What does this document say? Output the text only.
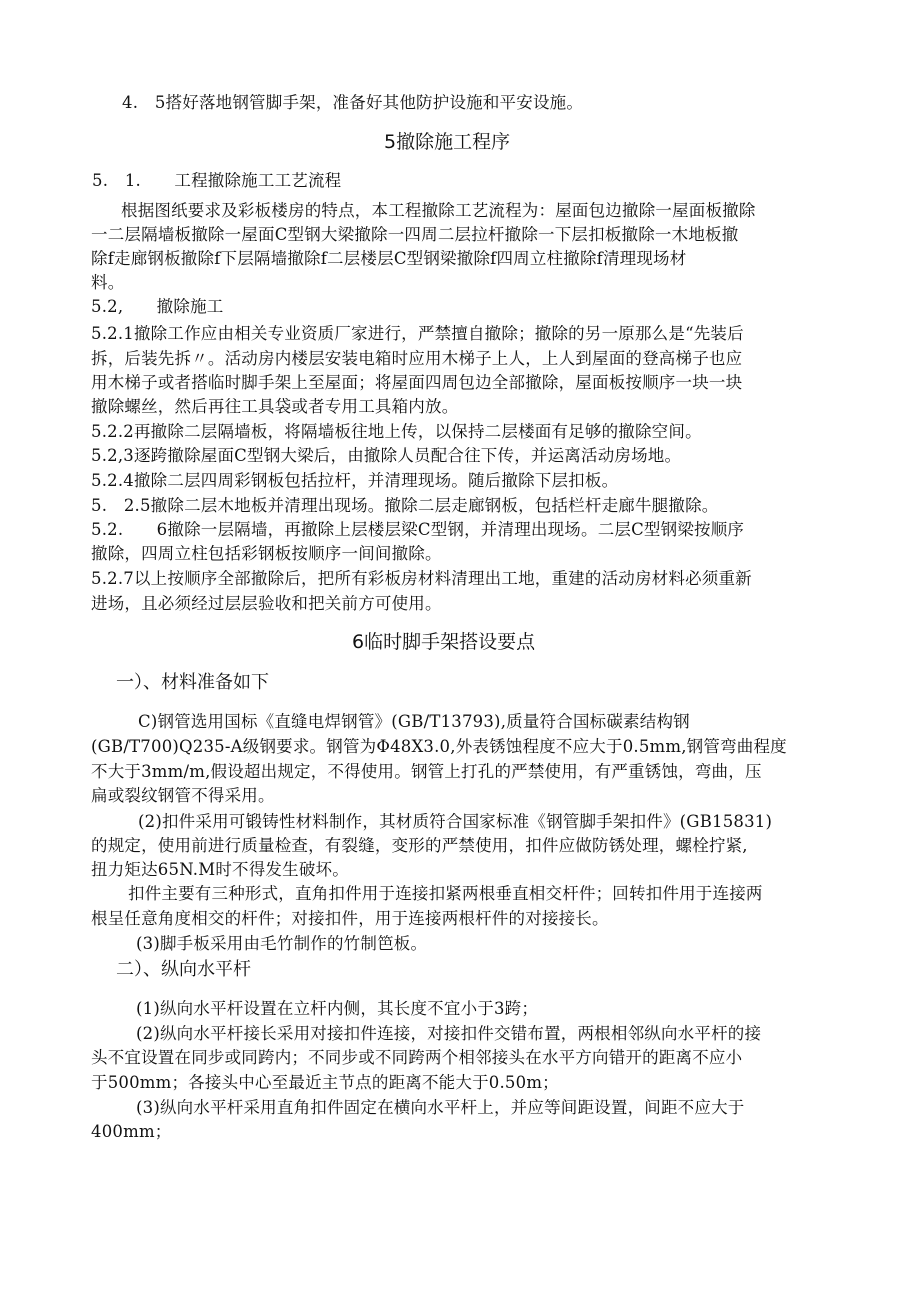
4.　5搭好落地钢管脚手架，准备好其他防护设施和平安设施。

5撤除施工程序

5.　1.　　工程撤除施工工艺流程

根据图纸要求及彩板楼房的特点，本工程撤除工艺流程为：屋面包边撤除一屋面板撤除

一二层隔墙板撤除一屋面C型钢大梁撤除一四周二层拉杆撤除一下层扣板撤除一木地板撤

除f走廊钢板撤除f下层隔墙撤除f二层楼层C型钢梁撤除f四周立柱撤除f清理现场材

料。

5.2,　　撤除施工

5.2.1撤除工作应由相关专业资质厂家进行，严禁擅自撤除；撤除的另一原那么是“先装后

拆，后装先拆〃。活动房内楼层安装电箱时应用木梯子上人，上人到屋面的登高梯子也应

用木梯子或者搭临时脚手架上至屋面；将屋面四周包边全部撤除，屋面板按顺序一块一块

撤除螺丝，然后再往工具袋或者专用工具箱内放。

5.2.2再撤除二层隔墙板，将隔墙板往地上传，以保持二层楼面有足够的撤除空间。

5.2,3逐跨撤除屋面C型钢大梁后，由撤除人员配合往下传，并运离活动房场地。

5.2.4撤除二层四周彩钢板包括拉杆，并清理现场。随后撤除下层扣板。

5.　2.5撤除二层木地板并清理出现场。撤除二层走廊钢板，包括栏杆走廊牛腿撤除。

5.2.　　6撤除一层隔墙，再撤除上层楼层梁C型钢，并清理出现场。二层C型钢梁按顺序

撤除，四周立柱包括彩钢板按顺序一间间撤除。

5.2.7以上按顺序全部撤除后，把所有彩板房材料清理出工地，重建的活动房材料必须重新

进场，且必须经过层层验收和把关前方可使用。

6临时脚手架搭设要点

一）、材料准备如下

C)钢管选用国标《直缝电焊钢管》(GB/T13793),质量符合国标碳素结构钢

(GB/T700)Q235-A级钢要求。钢管为Φ48X3.0,外表锈蚀程度不应大于0.5mm,钢管弯曲程度

不大于3mm/m,假设超出规定，不得使用。钢管上打孔的严禁使用，有严重锈蚀，弯曲，压

扁或裂纹钢管不得采用。

(2)扣件采用可锻铸性材料制作，其材质符合国家标准《钢管脚手架扣件》(GB15831)

的规定，使用前进行质量检查，有裂缝，变形的严禁使用，扣件应做防锈处理，螺栓拧紧,

扭力矩达65N.M时不得发生破坏。

扣件主要有三种形式，直角扣件用于连接扣紧两根垂直相交杆件；回转扣件用于连接两

根呈任意角度相交的杆件；对接扣件，用于连接两根杆件的对接接长。

(3)脚手板采用由毛竹制作的竹制笆板。

二）、纵向水平杆

(1)纵向水平杆设置在立杆内侧，其长度不宜小于3跨；

(2)纵向水平杆接长采用对接扣件连接，对接扣件交错布置，两根相邻纵向水平杆的接

头不宜设置在同步或同跨内；不同步或不同跨两个相邻接头在水平方向错开的距离不应小

于500mm；各接头中心至最近主节点的距离不能大于0.50m；

(3)纵向水平杆采用直角扣件固定在横向水平杆上，并应等间距设置，间距不应大于

400mm；
